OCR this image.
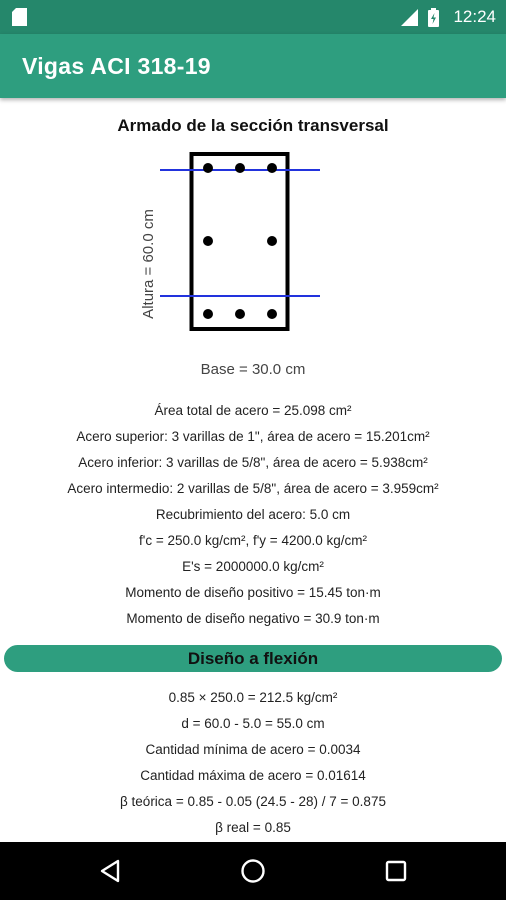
12:24
Vigas ACI 318-19
Armado de la sección transversal
Altura = 60.0 cm
Base = 30.0 cm
Área total de acero = 25.098 cm²
Acero superior: 3 varillas de 1", área de acero = 15.201cm²
Acero inferior: 3 varillas de 5/8", área de acero = 5.938cm²
Acero intermedio: 2 varillas de 5/8", área de acero = 3.959cm²
Recubrimiento del acero: 5.0 cm
f'c = 250.0 kg/cm², f'y = 4200.0 kg/cm²
E's = 2000000.0 kg/cm²
Momento de diseño positivo = 15.45 ton·m
Momento de diseño negativo = 30.9 ton·m
Diseño a flexión
0.85 × 250.0 = 212.5 kg/cm²
d = 60.0 - 5.0 = 55.0 cm
Cantidad mínima de acero = 0.0034
Cantidad máxima de acero = 0.01614
β teórica = 0.85 - 0.05 (24.5 - 28) / 7 = 0.875
β real = 0.85
